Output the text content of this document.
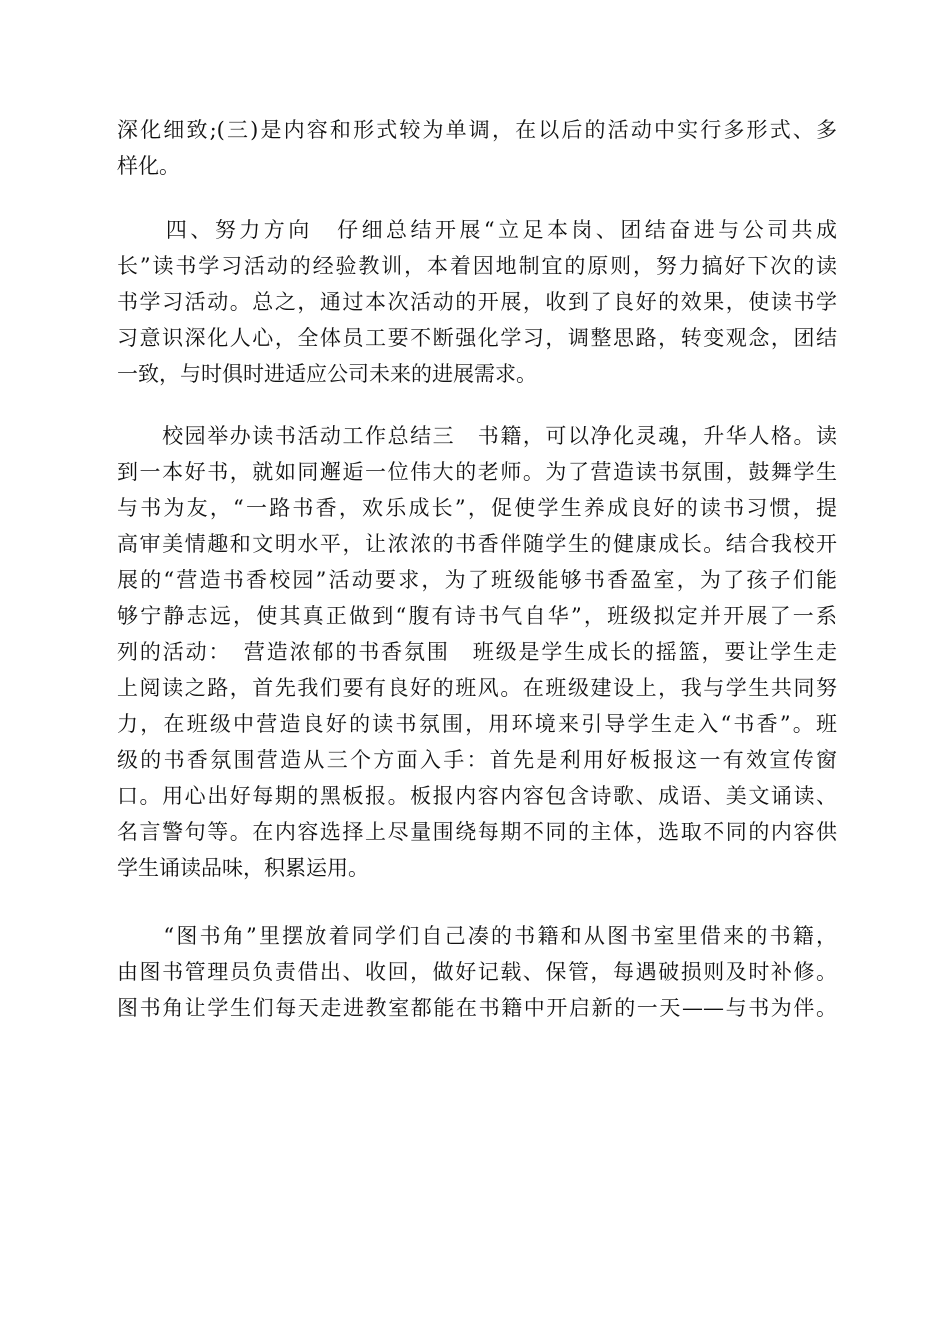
深化细致;(三)是内容和形式较为单调，在以后的活动中实行多形式、多
样化。
　　四、努力方向　仔细总结开展“立足本岗、团结奋进与公司共成
长”读书学习活动的经验教训，本着因地制宜的原则，努力搞好下次的读
书学习活动。总之，通过本次活动的开展，收到了良好的效果，使读书学
习意识深化人心，全体员工要不断强化学习，调整思路，转变观念，团结
一致，与时俱时进适应公司未来的进展需求。
　　校园举办读书活动工作总结三　书籍，可以净化灵魂，升华人格。读
到一本好书，就如同邂逅一位伟大的老师。为了营造读书氛围，鼓舞学生
与书为友，“一路书香，欢乐成长”，促使学生养成良好的读书习惯，提
高审美情趣和文明水平，让浓浓的书香伴随学生的健康成长。结合我校开
展的“营造书香校园”活动要求，为了班级能够书香盈室，为了孩子们能
够宁静志远，使其真正做到“腹有诗书气自华”，班级拟定并开展了一系
列的活动：　营造浓郁的书香氛围　班级是学生成长的摇篮，要让学生走
上阅读之路，首先我们要有良好的班风。在班级建设上，我与学生共同努
力，在班级中营造良好的读书氛围，用环境来引导学生走入“书香”。班
级的书香氛围营造从三个方面入手：首先是利用好板报这一有效宣传窗
口。用心出好每期的黑板报。板报内容内容包含诗歌、成语、美文诵读、
名言警句等。在内容选择上尽量围绕每期不同的主体，选取不同的内容供
学生诵读品味，积累运用。
　　“图书角”里摆放着同学们自己凑的书籍和从图书室里借来的书籍，
由图书管理员负责借出、收回，做好记载、保管，每遇破损则及时补修。
图书角让学生们每天走进教室都能在书籍中开启新的一天——与书为伴。
